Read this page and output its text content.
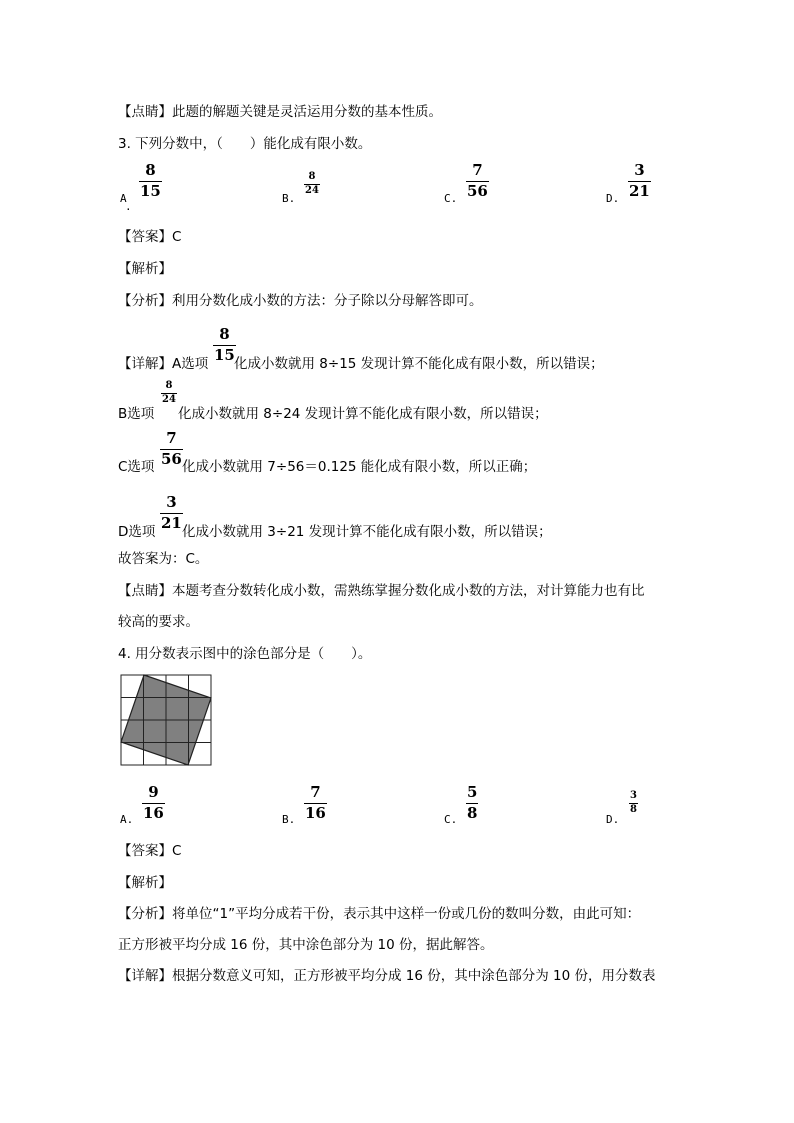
【点睛】此题的解题关键是灵活运用分数的基本性质。
3. 下列分数中，（　　）能化成有限小数。
A
.
8
15	B.
8
24
C.
7
56	D.
3
21
【答案】C
【解析】
【分析】利用分数化成小数的方法：分子除以分母解答即可。
【详解】A选项
8
15 化成小数就用 8÷15 发现计算不能化成有限小数，所以错误；
B选项
8
24
化成小数就用 8÷24 发现计算不能化成有限小数，所以错误；
C选项
7
56 化成小数就用 7÷56＝0.125 能化成有限小数，所以正确；
D选项
3
21 化成小数就用 3÷21 发现计算不能化成有限小数，所以错误；
故答案为：C。
【点睛】本题考查分数转化成小数，需熟练掌握分数化成小数的方法，对计算能力也有比
较高的要求。
4. 用分数表示图中的涂色部分是（　　）。
A.
9
16	B.
7
16	C.
5
8	D.
3
8
【答案】C
【解析】
【分析】将单位“1”平均分成若干份，表示其中这样一份或几份的数叫分数，由此可知：
正方形被平均分成 16 份，其中涂色部分为 10 份，据此解答。
【详解】根据分数意义可知，正方形被平均分成 16 份，其中涂色部分为 10 份，用分数表
